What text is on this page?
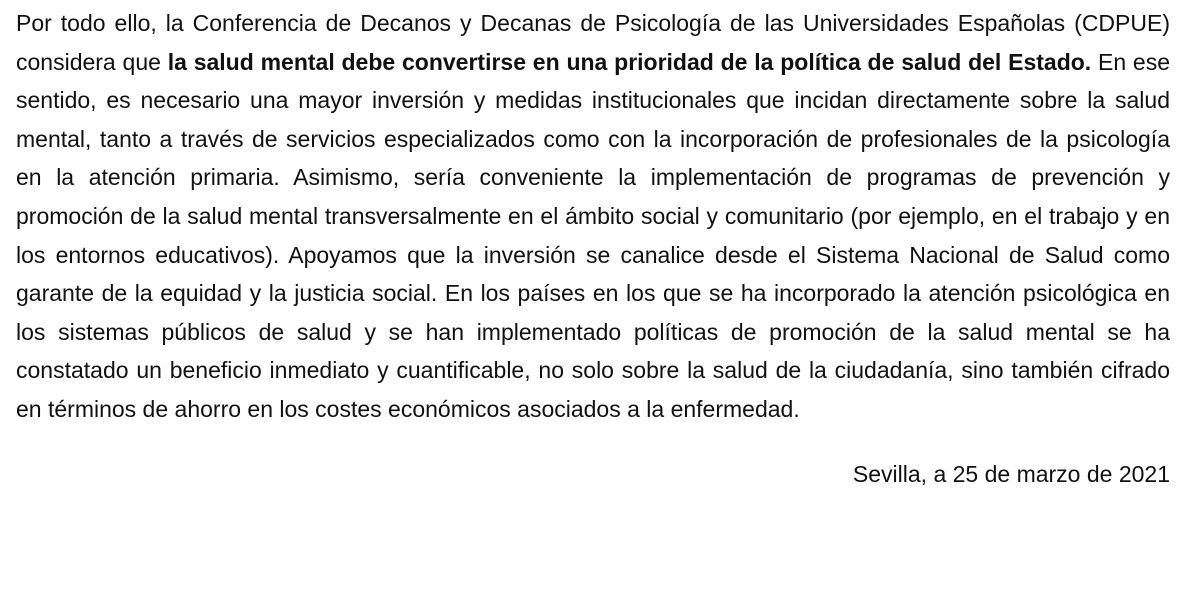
Por todo ello, la Conferencia de Decanos y Decanas de Psicología de las Universidades Españolas (CDPUE) considera que la salud mental debe convertirse en una prioridad de la política de salud del Estado. En ese sentido, es necesario una mayor inversión y medidas institucionales que incidan directamente sobre la salud mental, tanto a través de servicios especializados como con la incorporación de profesionales de la psicología en la atención primaria. Asimismo, sería conveniente la implementación de programas de prevención y promoción de la salud mental transversalmente en el ámbito social y comunitario (por ejemplo, en el trabajo y en los entornos educativos). Apoyamos que la inversión se canalice desde el Sistema Nacional de Salud como garante de la equidad y la justicia social. En los países en los que se ha incorporado la atención psicológica en los sistemas públicos de salud y se han implementado políticas de promoción de la salud mental se ha constatado un beneficio inmediato y cuantificable, no solo sobre la salud de la ciudadanía, sino también cifrado en términos de ahorro en los costes económicos asociados a la enfermedad.

Sevilla, a 25 de marzo de 2021
